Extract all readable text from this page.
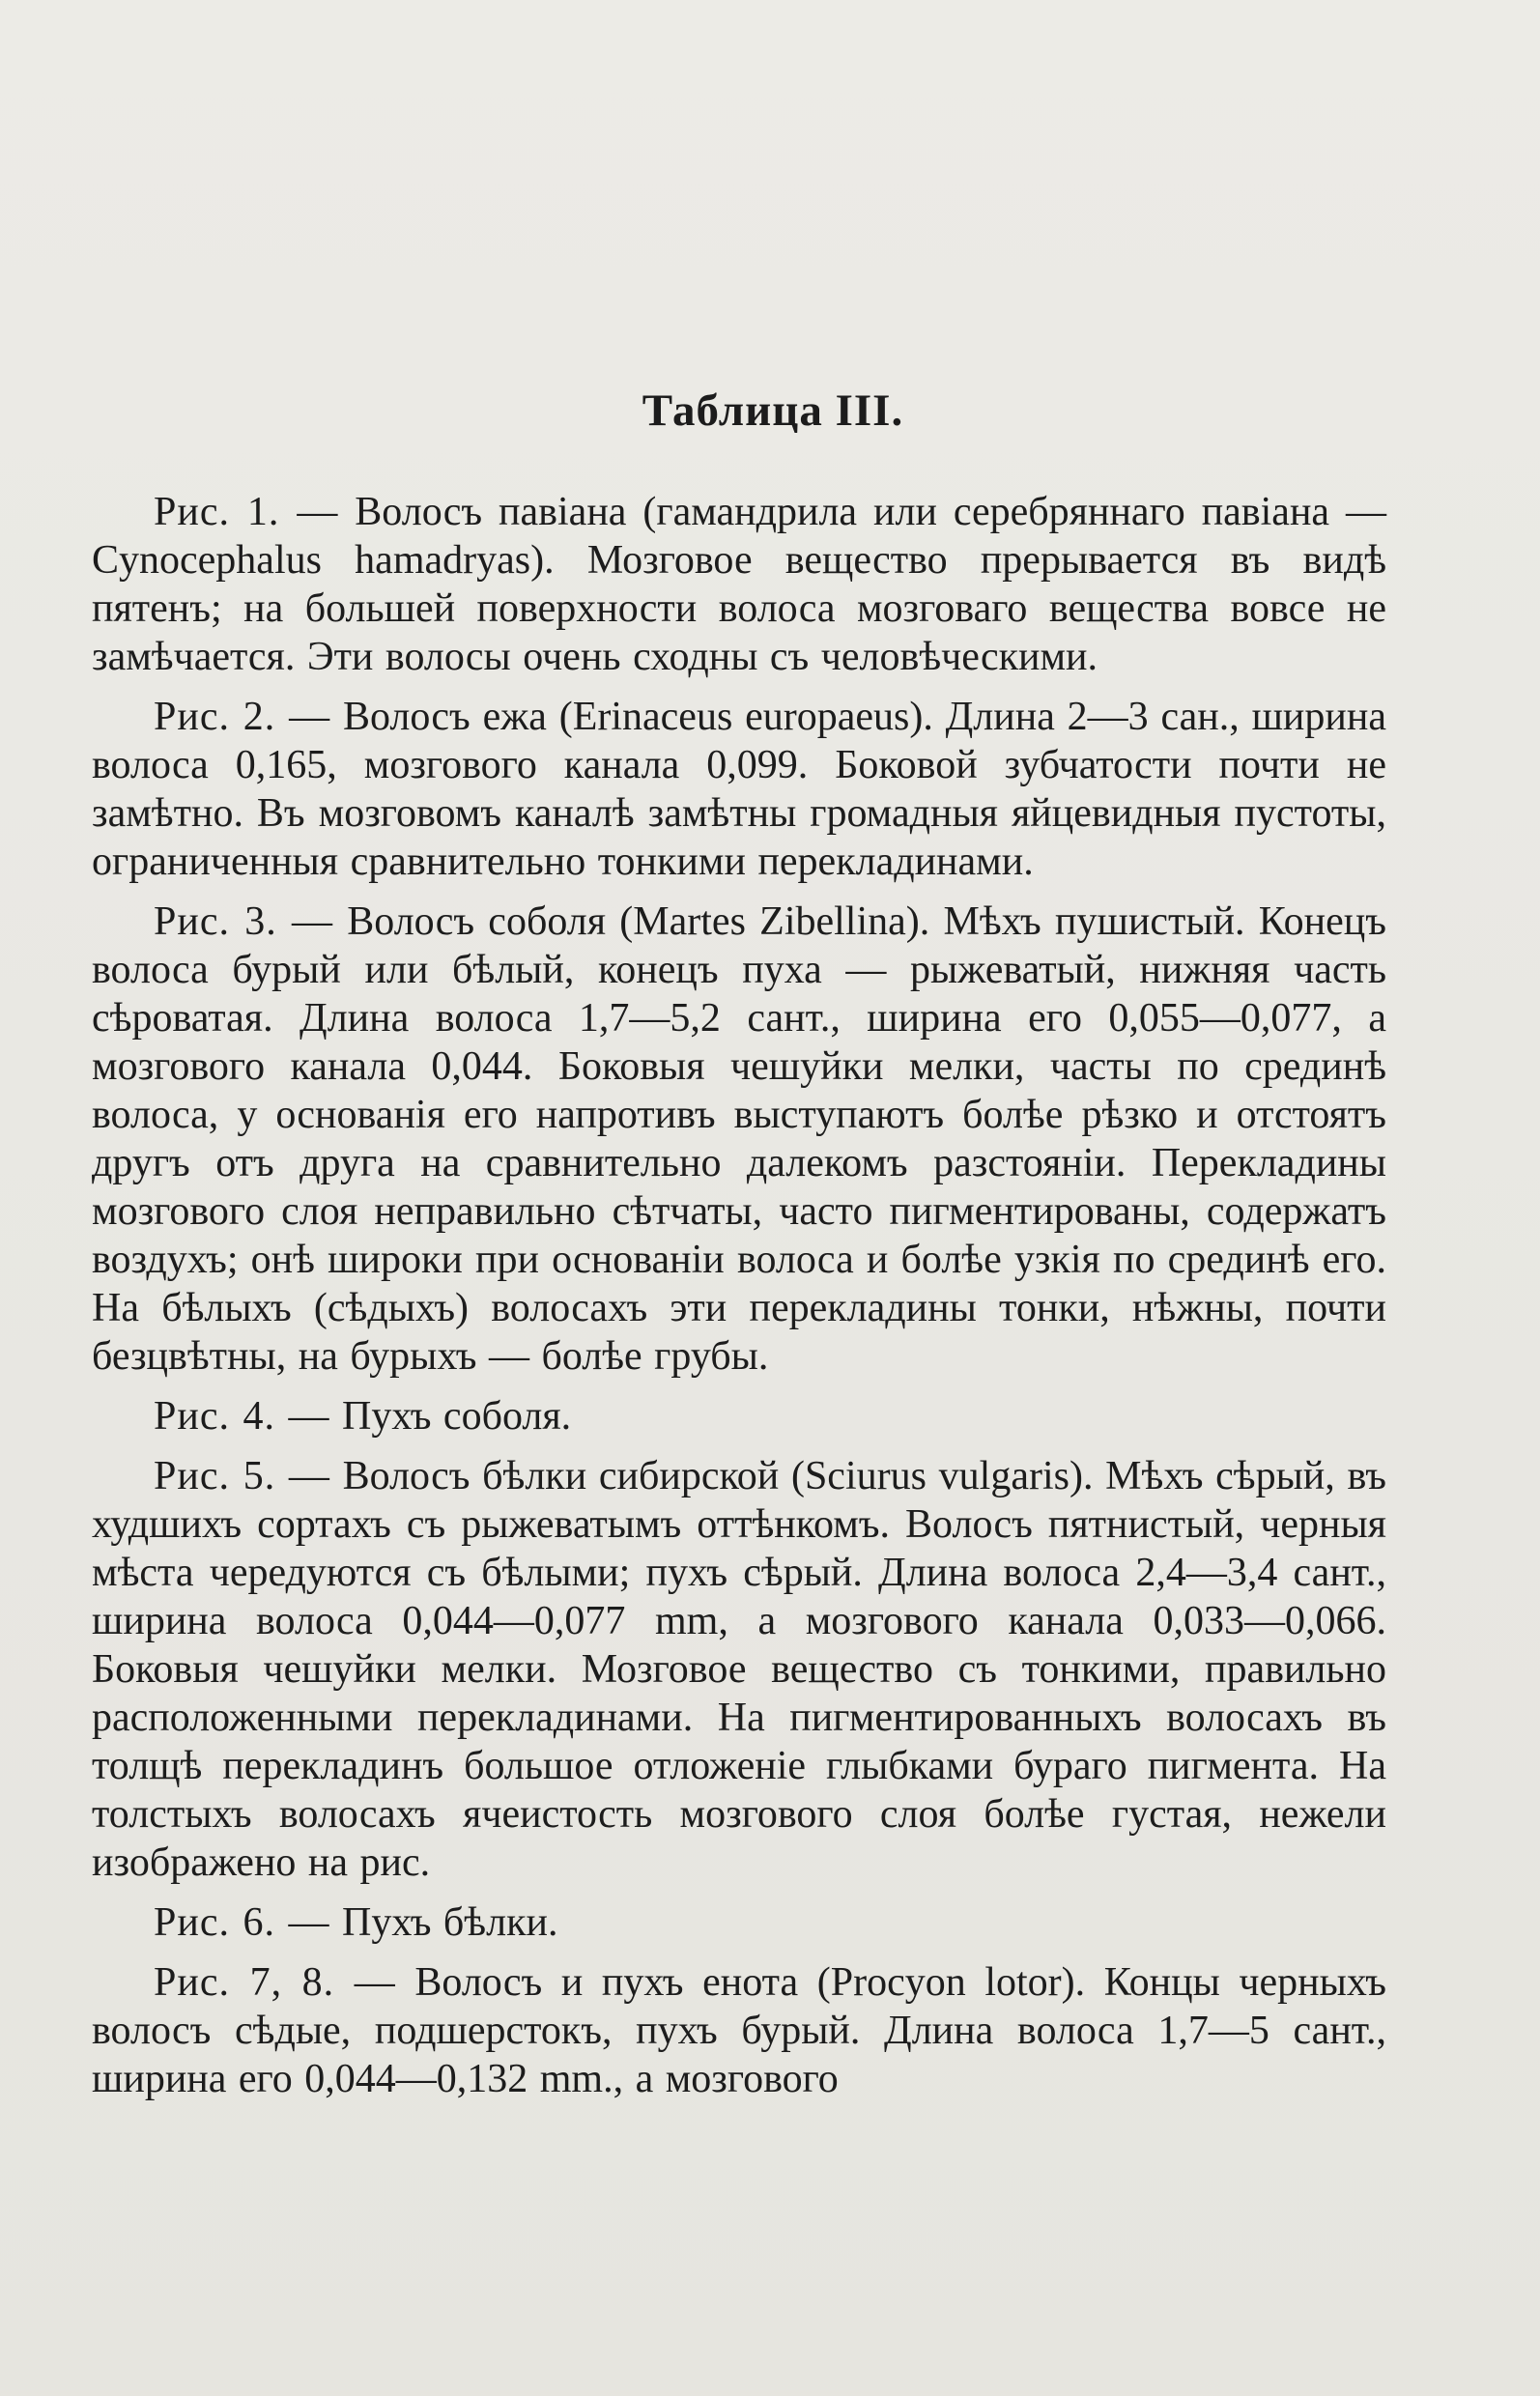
Таблица III.

Рис. 1. — Волосъ павіана (гамандрила или серебряннаго павіана — Cynocephalus hamadryas). Мозговое вещество прерывается въ видѣ пятенъ; на большей поверхности волоса мозговаго вещества вовсе не замѣчается. Эти волосы очень сходны съ человѣческими.

Рис. 2. — Волосъ ежа (Erinaceus europaeus). Длина 2—3 сан., ширина волоса 0,165, мозгового канала 0,099. Боковой зубчатости почти не замѣтно. Въ мозговомъ каналѣ замѣтны громадныя яйцевидныя пустоты, ограниченныя сравнительно тонкими перекладинами.

Рис. 3. — Волосъ соболя (Martes Zibellina). Мѣхъ пушистый. Конецъ волоса бурый или бѣлый, конецъ пуха — рыжеватый, нижняя часть сѣроватая. Длина волоса 1,7—5,2 сант., ширина его 0,055—0,077, а мозгового канала 0,044. Боковыя чешуйки мелки, часты по срединѣ волоса, у основанія его напротивъ выступаютъ болѣе рѣзко и отстоятъ другъ отъ друга на сравнительно далекомъ разстояніи. Перекладины мозгового слоя неправильно сѣтчаты, часто пигментированы, содержатъ воздухъ; онѣ широки при основаніи волоса и болѣе узкія по срединѣ его. На бѣлыхъ (сѣдыхъ) волосахъ эти перекладины тонки, нѣжны, почти безцвѣтны, на бурыхъ — болѣе грубы.

Рис. 4. — Пухъ соболя.

Рис. 5. — Волосъ бѣлки сибирской (Sciurus vulgaris). Мѣхъ сѣрый, въ худшихъ сортахъ съ рыжеватымъ оттѣнкомъ. Волосъ пятнистый, черныя мѣста чередуются съ бѣлыми; пухъ сѣрый. Длина волоса 2,4—3,4 сант., ширина волоса 0,044—0,077 mm, а мозгового канала 0,033—0,066. Боковыя чешуйки мелки. Мозговое вещество съ тонкими, правильно расположенными перекладинами. На пигментированныхъ волосахъ въ толщѣ перекладинъ большое отложеніе глыбками бураго пигмента. На толстыхъ волосахъ ячеистость мозгового слоя болѣе густая, нежели изображено на рис.

Рис. 6. — Пухъ бѣлки.

Рис. 7, 8. — Волосъ и пухъ енота (Procyon lotor). Концы черныхъ волосъ сѣдые, подшерстокъ, пухъ бурый. Длина волоса 1,7—5 сант., ширина его 0,044—0,132 mm., а мозгового
